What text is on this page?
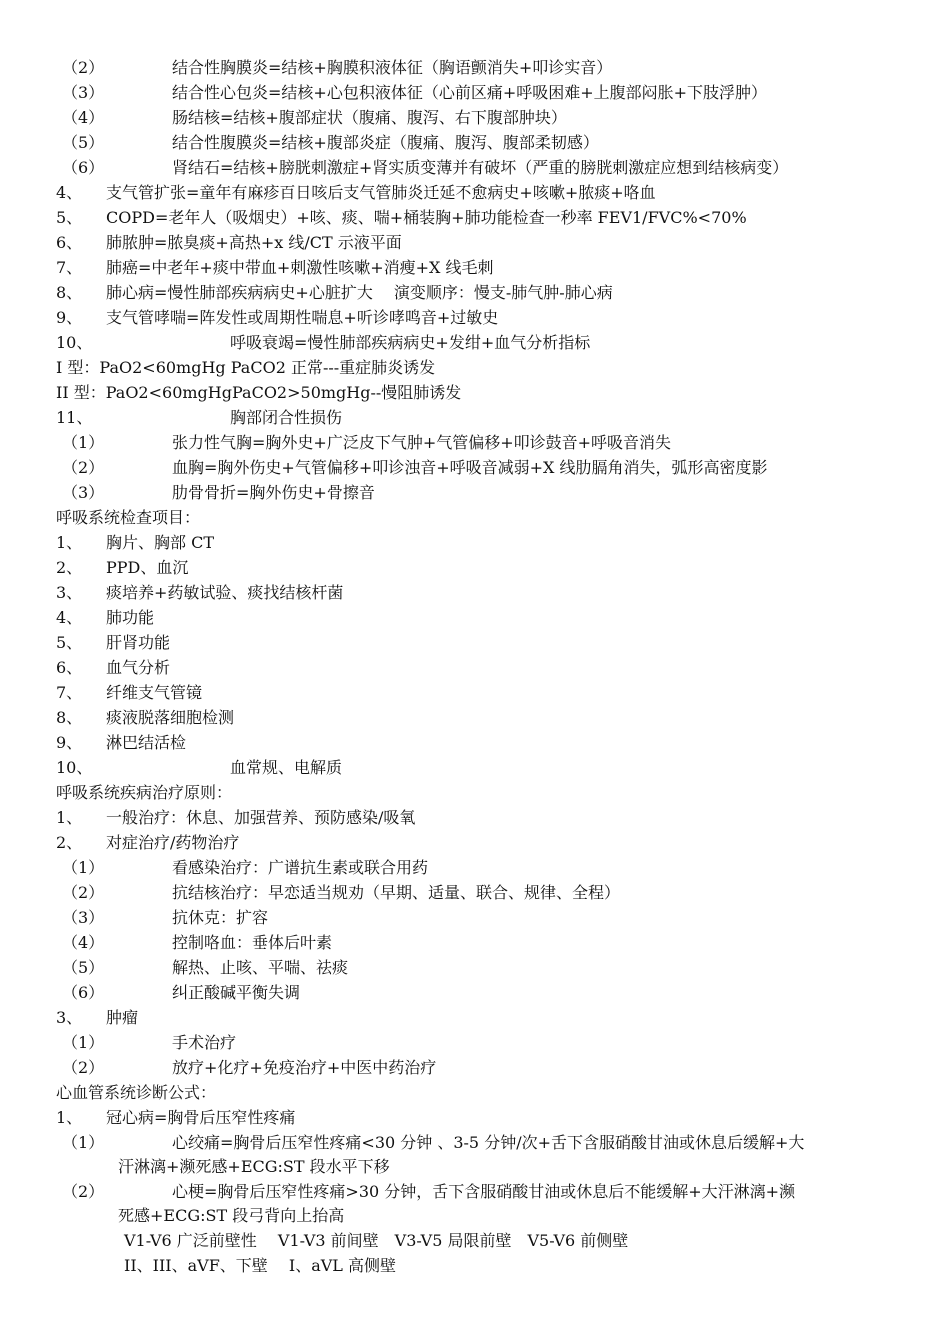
（2）	结合性胸膜炎=结核+胸膜积液体征（胸语颤消失+叩诊实音）
（3）	结合性心包炎=结核+心包积液体征（心前区痛+呼吸困难+上腹部闷胀+下肢浮肿）
（4）	肠结核=结核+腹部症状（腹痛、腹泻、右下腹部肿块）
（5）	结合性腹膜炎=结核+腹部炎症（腹痛、腹泻、腹部柔韧感）
（6）	肾结石=结核+膀胱刺激症+肾实质变薄并有破坏（严重的膀胱刺激症应想到结核病变）
4、 支气管扩张=童年有麻疹百日咳后支气管肺炎迁延不愈病史+咳嗽+脓痰+咯血
5、 COPD=老年人（吸烟史）+咳、痰、喘+桶装胸+肺功能检查一秒率 FEV1/FVC%<70%
6、 肺脓肿=脓臭痰+高热+x 线/CT 示液平面
7、 肺癌=中老年+痰中带血+刺激性咳嗽+消瘦+X 线毛刺
8、 肺心病=慢性肺部疾病病史+心脏扩大　 演变顺序：慢支-肺气肿-肺心病
9、 支气管哮喘=阵发性或周期性喘息+听诊哮鸣音+过敏史
10、	呼吸衰竭=慢性肺部疾病病史+发绀+血气分析指标
I 型：PaO2<60mgHg PaCO2 正常---重症肺炎诱发
II 型：PaO2<60mgHgPaCO2>50mgHg--慢阻肺诱发
11、	胸部闭合性损伤
（1）	张力性气胸=胸外史+广泛皮下气肿+气管偏移+叩诊鼓音+呼吸音消失
（2）	血胸=胸外伤史+气管偏移+叩诊浊音+呼吸音减弱+X 线肋膈角消失，弧形高密度影
（3）	肋骨骨折=胸外伤史+骨擦音
呼吸系统检查项目：
1、 胸片、胸部 CT
2、 PPD、血沉
3、 痰培养+药敏试验、痰找结核杆菌
4、 肺功能
5、 肝肾功能
6、 血气分析
7、 纤维支气管镜
8、 痰液脱落细胞检测
9、 淋巴结活检
10、	血常规、电解质
呼吸系统疾病治疗原则：
1、 一般治疗：休息、加强营养、预防感染/吸氧
2、 对症治疗/药物治疗
（1）	看感染治疗：广谱抗生素或联合用药
（2）	抗结核治疗：早恋适当规劝（早期、适量、联合、规律、全程）
（3）	抗休克：扩容
（4）	控制咯血：垂体后叶素
（5）	解热、止咳、平喘、祛痰
（6）	纠正酸碱平衡失调
3、 肿瘤
（1）	手术治疗
（2）	放疗+化疗+免疫治疗+中医中药治疗
心血管系统诊断公式：
1、 冠心病=胸骨后压窄性疼痛
（1）	心绞痛=胸骨后压窄性疼痛<30 分钟 、3-5 分钟/次+舌下含服硝酸甘油或休息后缓解+大
汗淋漓+濒死感+ECG:ST 段水平下移
（2）	心梗=胸骨后压窄性疼痛>30 分钟，舌下含服硝酸甘油或休息后不能缓解+大汗淋漓+濒
死感+ECG:ST 段弓背向上抬高
V1-V6 广泛前壁性　 V1-V3 前间壁　V3-V5 局限前壁　V5-V6 前侧壁
II、III、aVF、下壁　 I、aVL 高侧壁
